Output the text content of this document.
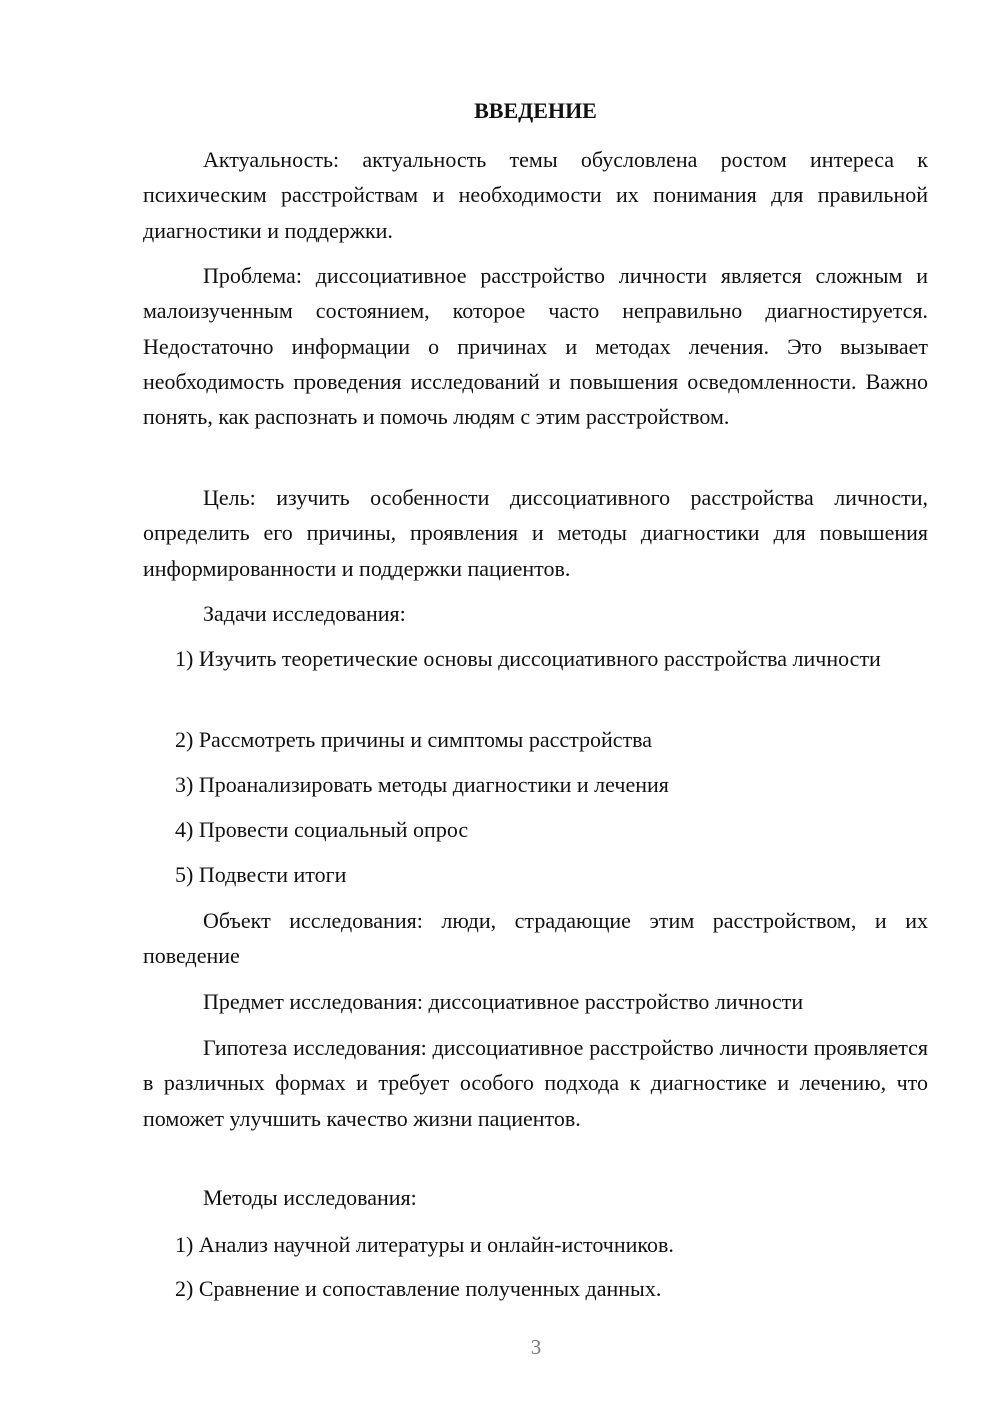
ВВЕДЕНИЕ

Актуальность: актуальность темы обусловлена ростом интереса к психическим расстройствам и необходимости их понимания для правильной диагностики и поддержки.

Проблема: диссоциативное расстройство личности является сложным и малоизученным состоянием, которое часто неправильно диагностируется. Недостаточно информации о причинах и методах лечения. Это вызывает необходимость проведения исследований и повышения осведомленности. Важно понять, как распознать и помочь людям с этим расстройством.

Цель: изучить особенности диссоциативного расстройства личности, определить его причины, проявления и методы диагностики для повышения информированности и поддержки пациентов.

Задачи исследования:

1) Изучить теоретические основы диссоциативного расстройства личности

2) Рассмотреть причины и симптомы расстройства

3) Проанализировать методы диагностики и лечения

4) Провести социальный опрос

5) Подвести итоги

Объект исследования: люди, страдающие этим расстройством, и их поведение

Предмет исследования: диссоциативное расстройство личности

Гипотеза исследования: диссоциативное расстройство личности проявляется в различных формах и требует особого подхода к диагностике и лечению, что поможет улучшить качество жизни пациентов.

Методы исследования:

1) Анализ научной литературы и онлайн-источников.

2) Сравнение и сопоставление полученных данных.

3
